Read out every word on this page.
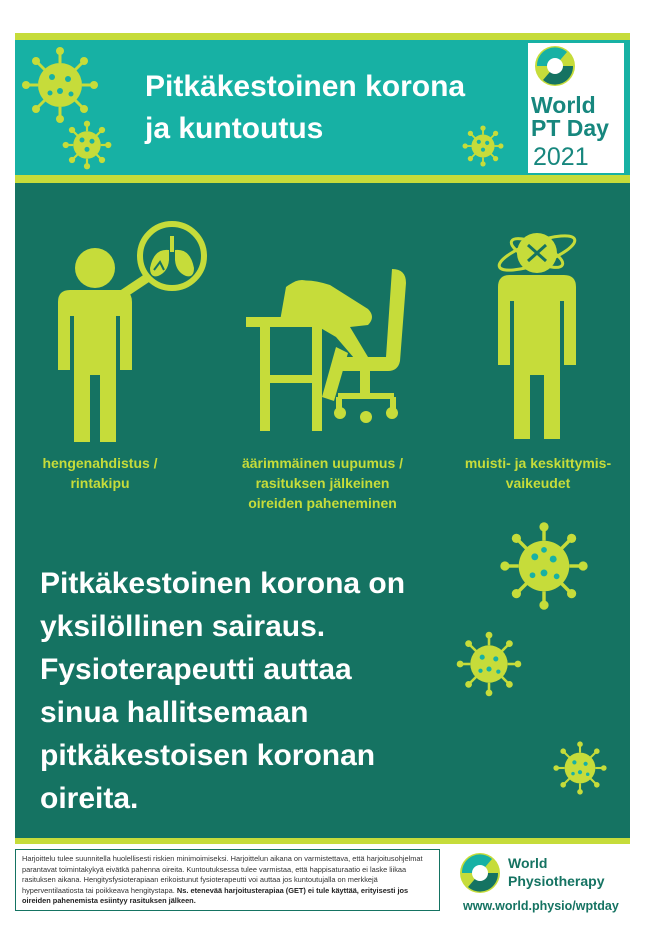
Pitkäkestoinen korona
ja kuntoutus
World
PT Day
2021
hengenahdistus /
rintakipu
äärimmäinen uupumus /
rasituksen jälkeinen
oireiden paheneminen
muisti- ja keskittymis-
vaikeudet
Pitkäkestoinen korona on
yksilöllinen sairaus.
Fysioterapeutti auttaa
sinua hallitsemaan
pitkäkestoisen koronan
oireita.
Harjoittelu tulee suunnitella huolellisesti riskien minimoimiseksi. Harjoittelun aikana on varmistettava, että harjoitusohjelmat parantavat toimintakykyä eivätkä pahenna oireita. Kuntoutuksessa tulee varmistaa, että happisaturaatio ei laske liikaa rasituksen aikana. Hengitysfysioterapiaan erikoistunut fysioterapeutti voi auttaa jos kuntoutujalla on merkkejä hyperventilaatiosta tai poikkeava hengitystapa. Ns. etenevää harjoitusterapiaa (GET) ei tule käyttää, erityisesti jos oireiden pahenemista esiintyy rasituksen jälkeen.
World
Physiotherapy
www.world.physio/wptday
